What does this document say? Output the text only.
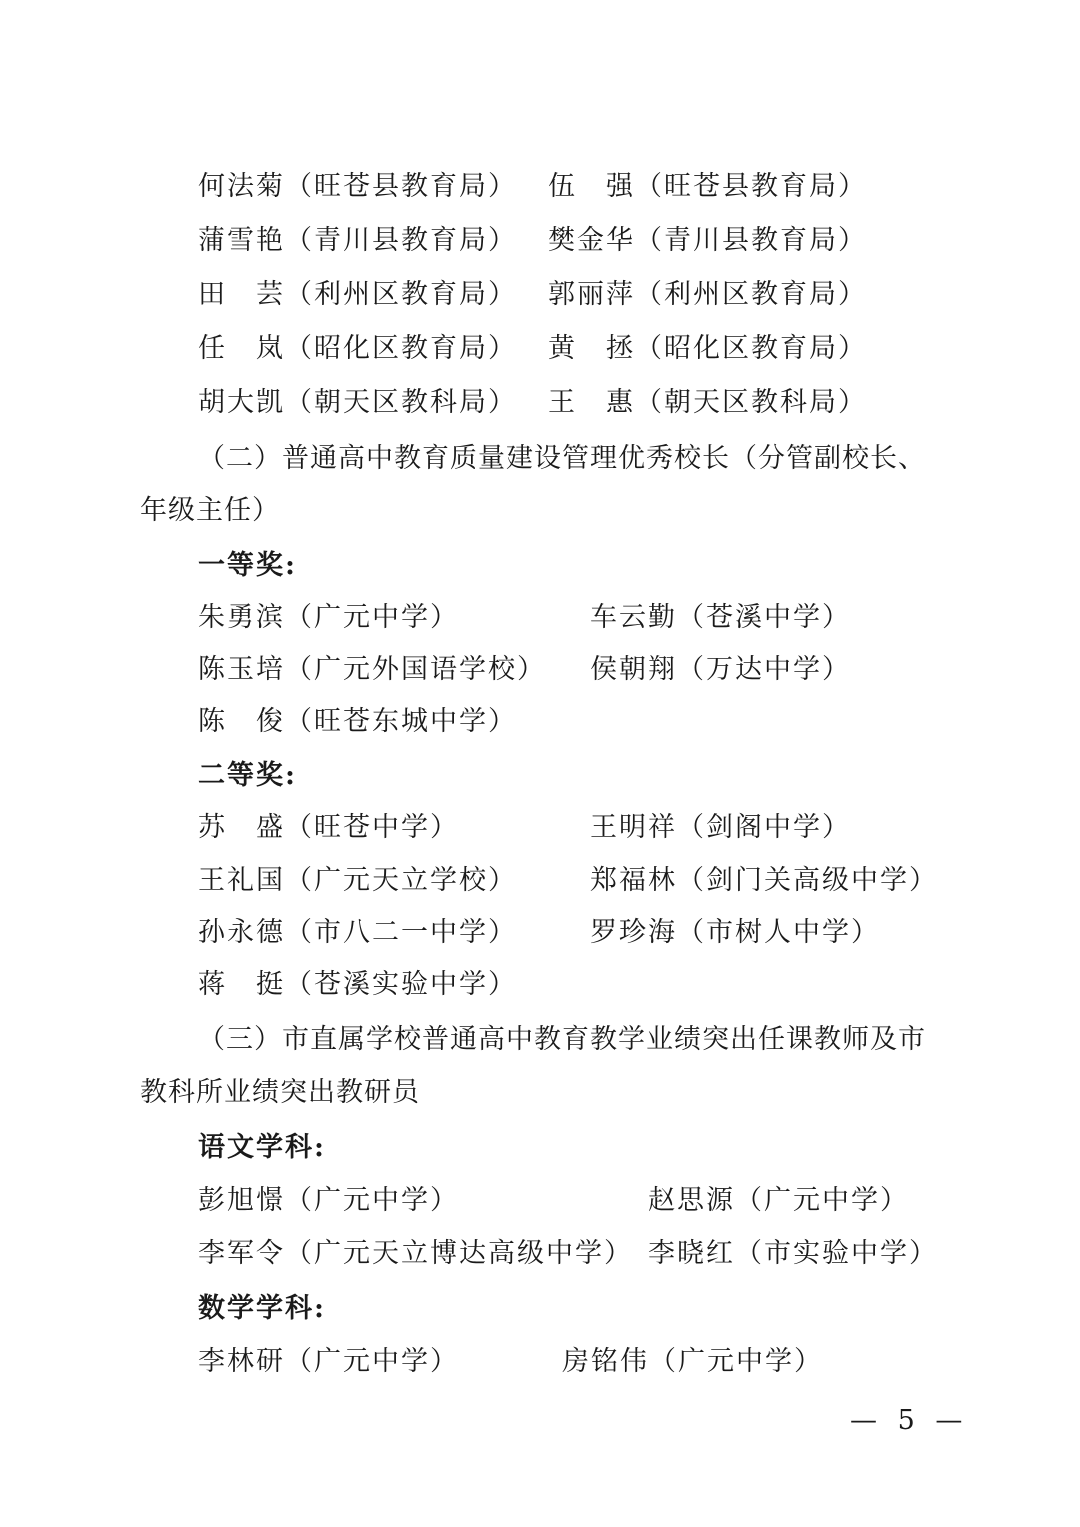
何法菊（旺苍县教育局） 伍　强（旺苍县教育局）
蒲雪艳（青川县教育局） 樊金华（青川县教育局）
田　芸（利州区教育局） 郭丽萍（利州区教育局）
任　岚（昭化区教育局） 黄　拯（昭化区教育局）
胡大凯（朝天区教科局） 王　惠（朝天区教科局）
（二）普通高中教育质量建设管理优秀校长（分管副校长、
年级主任）
一等奖:
朱勇滨（广元中学）	车云勤（苍溪中学）
陈玉培（广元外国语学校） 侯朝翔（万达中学）
陈　俊（旺苍东城中学）
二等奖:
苏　盛（旺苍中学）	王明祥（剑阁中学）
王礼国（广元天立学校）	郑福林（剑门关高级中学）
孙永德（市八二一中学）	罗珍海（市树人中学）
蒋　挺（苍溪实验中学）
（三）市直属学校普通高中教育教学业绩突出任课教师及市
教科所业绩突出教研员
语文学科:
彭旭憬（广元中学）	赵思源（广元中学）
李军令（广元天立博达高级中学） 李晓红（市实验中学）
数学学科:
李林研（广元中学）	房铭伟（广元中学）
— 5 —
